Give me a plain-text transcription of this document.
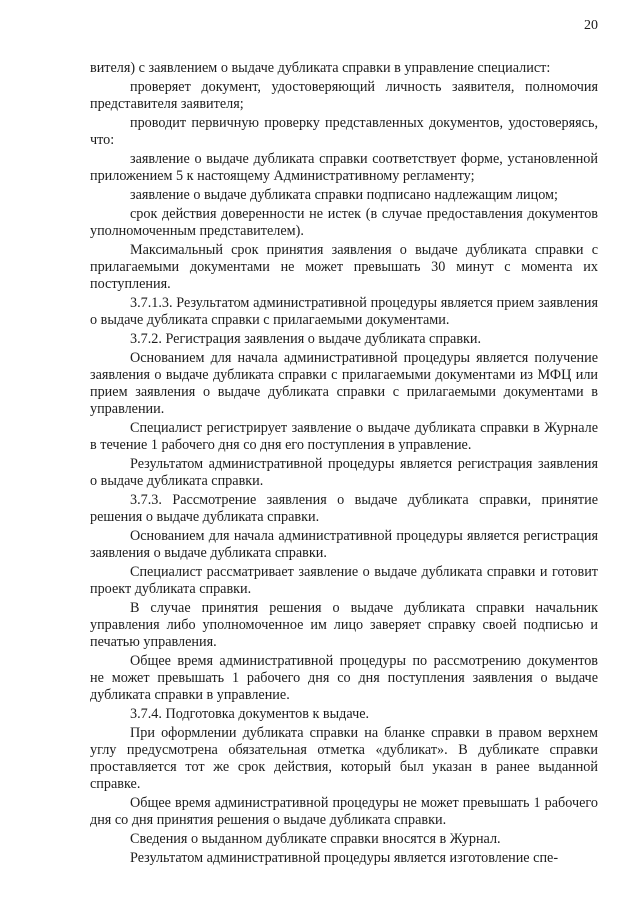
20

вителя) с заявлением о выдаче дубликата справки в управление специалист:

проверяет документ, удостоверяющий личность заявителя, полномочия представителя заявителя;

проводит первичную проверку представленных документов, удостоверяясь, что:

заявление о выдаче дубликата справки соответствует форме, установленной приложением 5 к настоящему Административному регламенту;

заявление о выдаче дубликата справки подписано надлежащим лицом;

срок действия доверенности не истек (в случае предоставления документов уполномоченным представителем).

Максимальный срок принятия заявления о выдаче дубликата справки с прилагаемыми документами не может превышать 30 минут с момента их поступления.

3.7.1.3. Результатом административной процедуры является прием заявления о выдаче дубликата справки с прилагаемыми документами.

3.7.2. Регистрация заявления о выдаче дубликата справки.

Основанием для начала административной процедуры является получение заявления о выдаче дубликата справки с прилагаемыми документами из МФЦ или прием заявления о выдаче дубликата справки с прилагаемыми документами в управлении.

Специалист регистрирует заявление о выдаче дубликата справки в Журнале в течение 1 рабочего дня со дня его поступления в управление.

Результатом административной процедуры является регистрация заявления о выдаче дубликата справки.

3.7.3. Рассмотрение заявления о выдаче дубликата справки, принятие решения о выдаче дубликата справки.

Основанием для начала административной процедуры является регистрация заявления о выдаче дубликата справки.

Специалист рассматривает заявление о выдаче дубликата справки и готовит проект дубликата справки.

В случае принятия решения о выдаче дубликата справки начальник управления либо уполномоченное им лицо заверяет справку своей подписью и печатью управления.

Общее время административной процедуры по рассмотрению документов не может превышать 1 рабочего дня со дня поступления заявления о выдаче дубликата справки в управление.

3.7.4. Подготовка документов к выдаче.

При оформлении дубликата справки на бланке справки в правом верхнем углу предусмотрена обязательная отметка «дубликат». В дубликате справки проставляется тот же срок действия, который был указан в ранее выданной справке.

Общее время административной процедуры не может превышать 1 рабочего дня со дня принятия решения о выдаче дубликата справки.

Сведения о выданном дубликате справки вносятся в Журнал.

Результатом административной процедуры является изготовление спе-
